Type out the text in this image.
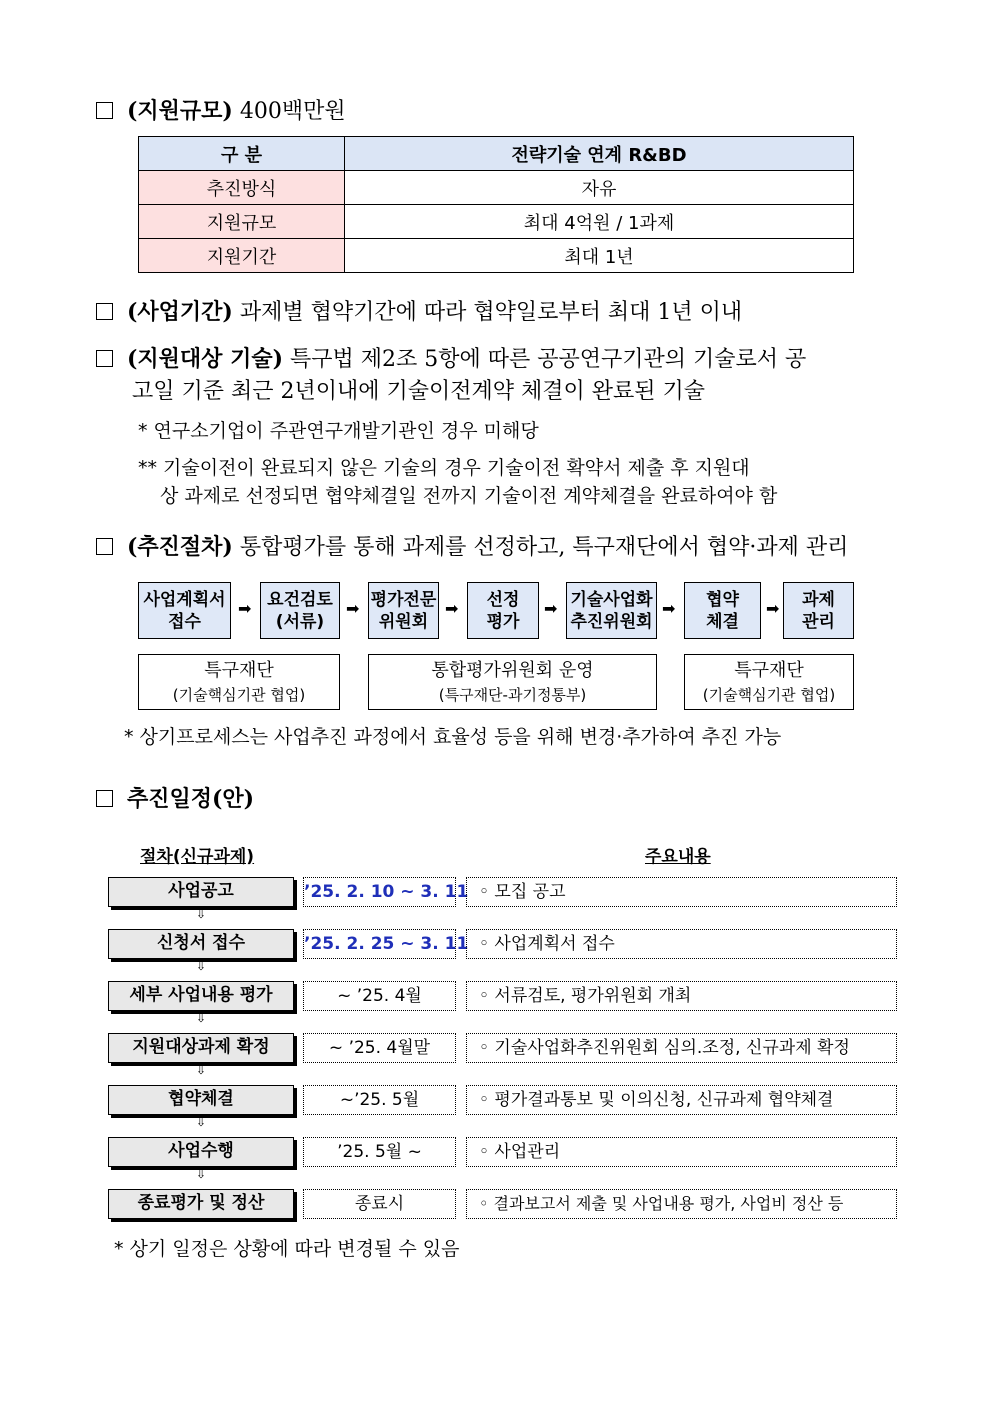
(지원규모) 400백만원
구 분	전략기술 연계 R&BD
추진방식	자유
지원규모	최대 4억원 / 1과제
지원기간	최대 1년
(사업기간) 과제별 협약기간에 따라 협약일로부터 최대 1년 이내
(지원대상 기술) 특구법 제2조 5항에 따른 공공연구기관의 기술로서 공
고일 기준 최근 2년이내에 기술이전계약 체결이 완료된 기술
* 연구소기업이 주관연구개발기관인 경우 미해당
** 기술이전이 완료되지 않은 기술의 경우 기술이전 확약서 제출 후 지원대
상 과제로 선정되면 협약체결일 전까지 기술이전 계약체결을 완료하여야 함
(추진절차) 통합평가를 통해 과제를 선정하고, 특구재단에서 협약·과제 관리
사업계획서
접수
➡ 요건검토
(서류)
➡ 평가전문
위원회
➡ 선정
평가
➡ 기술사업화
추진위원회
➡ 협약
체결
➡ 과제
관리
특구재단
(기술핵심기관 협업)
통합평가위원회 운영
(특구재단-과기정통부)
특구재단
(기술핵심기관 협업)
* 상기프로세스는 사업추진 과정에서 효율성 등을 위해 변경·추가하여 추진 가능
추진일정(안)
절차(신규과제)	주요내용
사업공고	’25. 2. 10 ~ 3. 11 ◦ 모집 공고
⇩
신청서 접수	’25. 2. 25 ~ 3. 11 ◦ 사업계획서 접수
⇩
세부 사업내용 평가	~ ’25. 4월	◦ 서류검토, 평가위원회 개최
⇩
지원대상과제 확정	~ ’25. 4월말	◦ 기술사업화추진위원회 심의.조정, 신규과제 확정
⇩
협약체결	~’25. 5월	◦ 평가결과통보 및 이의신청, 신규과제 협약체결
⇩
사업수행	’25. 5월 ~	◦ 사업관리
⇩
종료평가 및 정산	종료시	◦ 결과보고서 제출 및 사업내용 평가, 사업비 정산 등
* 상기 일정은 상황에 따라 변경될 수 있음
